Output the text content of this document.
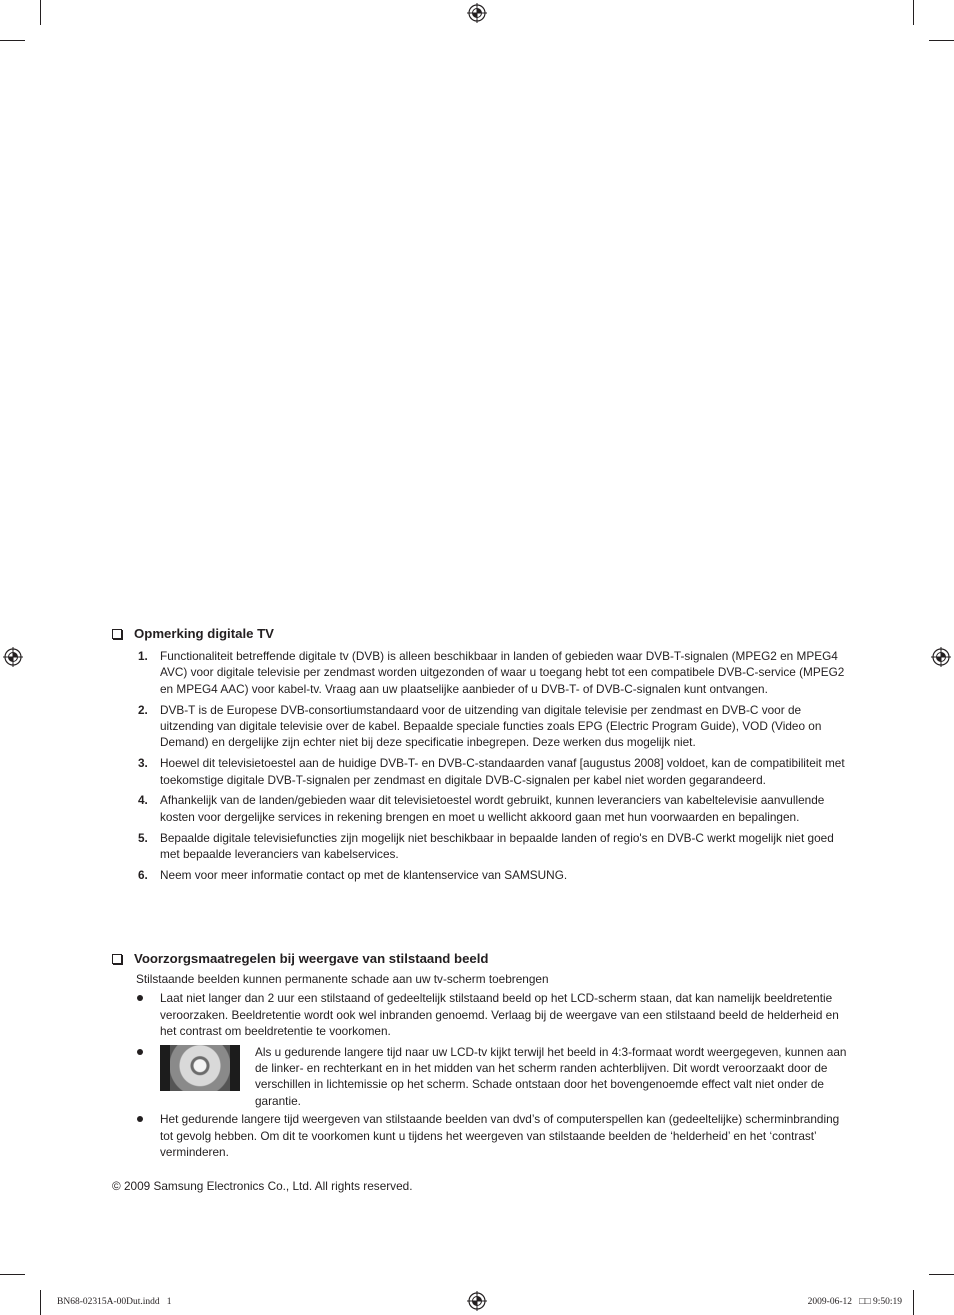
Opmerking digitale TV
1. Functionaliteit betreffende digitale tv (DVB) is alleen beschikbaar in landen of gebieden waar DVB-T-signalen (MPEG2 en MPEG4 AVC) voor digitale televisie per zendmast worden uitgezonden of waar u toegang hebt tot een compatibele DVB-C-service (MPEG2 en MPEG4 AAC) voor kabel-tv. Vraag aan uw plaatselijke aanbieder of u DVB-T- of DVB-C-signalen kunt ontvangen.
2. DVB-T is de Europese DVB-consortiumstandaard voor de uitzending van digitale televisie per zendmast en DVB-C voor de uitzending van digitale televisie over de kabel. Bepaalde speciale functies zoals EPG (Electric Program Guide), VOD (Video on Demand) en dergelijke zijn echter niet bij deze specificatie inbegrepen. Deze werken dus mogelijk niet.
3. Hoewel dit televisietoestel aan de huidige DVB-T- en DVB-C-standaarden vanaf [augustus 2008] voldoet, kan de compatibiliteit met toekomstige digitale DVB-T-signalen per zendmast en digitale DVB-C-signalen per kabel niet worden gegarandeerd.
4. Afhankelijk van de landen/gebieden waar dit televisietoestel wordt gebruikt, kunnen leveranciers van kabeltelevisie aanvullende kosten voor dergelijke services in rekening brengen en moet u wellicht akkoord gaan met hun voorwaarden en bepalingen.
5. Bepaalde digitale televisiefuncties zijn mogelijk niet beschikbaar in bepaalde landen of regio's en DVB-C werkt mogelijk niet goed met bepaalde leveranciers van kabelservices.
6. Neem voor meer informatie contact op met de klantenservice van SAMSUNG.
Voorzorgsmaatregelen bij weergave van stilstaand beeld
Stilstaande beelden kunnen permanente schade aan uw tv-scherm toebrengen
Laat niet langer dan 2 uur een stilstaand of gedeeltelijk stilstaand beeld op het LCD-scherm staan, dat kan namelijk beeldretentie veroorzaken. Beeldretentie wordt ook wel inbranden genoemd. Verlaag bij de weergave van een stilstaand beeld de helderheid en het contrast om beeldretentie te voorkomen.
Als u gedurende langere tijd naar uw LCD-tv kijkt terwijl het beeld in 4:3-formaat wordt weergegeven, kunnen aan de linker- en rechterkant en in het midden van het scherm randen achterblijven. Dit wordt veroorzaakt door de verschillen in lichtemissie op het scherm. Schade ontstaan door het bovengenoemde effect valt niet onder de garantie.
Het gedurende langere tijd weergeven van stilstaande beelden van dvd’s of computerspellen kan (gedeeltelijke) scherminbranding tot gevolg hebben. Om dit te voorkomen kunt u tijdens het weergeven van stilstaande beelden de ‘helderheid’ en het ‘contrast’ verminderen.
© 2009 Samsung Electronics Co., Ltd. All rights reserved.
BN68-02315A-00Dut.indd   1	2009-06-12   □□ 9:50:19
